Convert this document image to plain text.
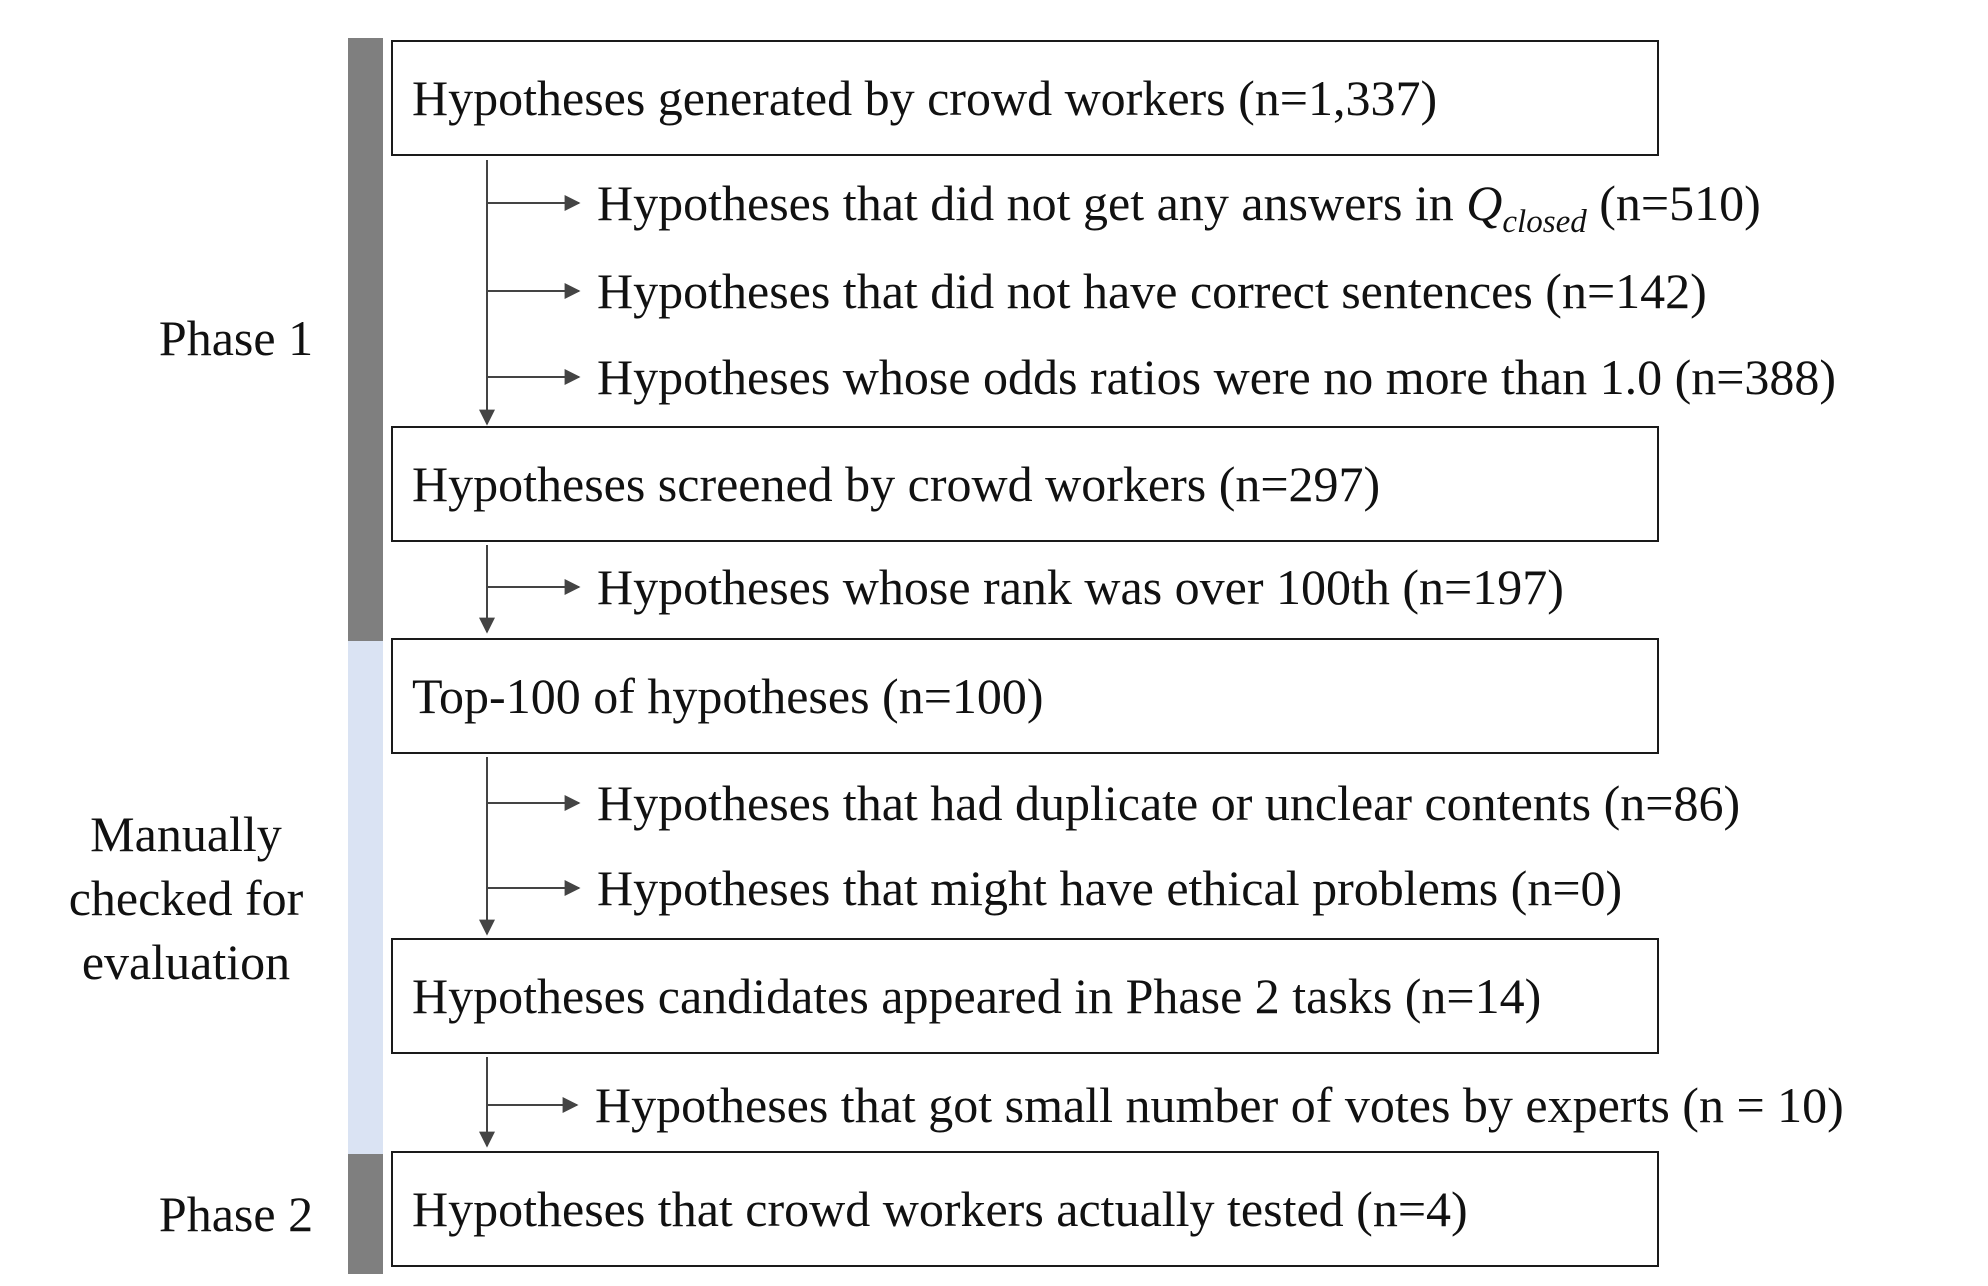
Phase 1
Manually
checked for
evaluation
Phase 2
Hypotheses generated by crowd workers (n=1,337)
Hypotheses screened by crowd workers (n=297)
Top-100 of hypotheses (n=100)
Hypotheses candidates appeared in Phase 2 tasks (n=14)
Hypotheses that crowd workers actually tested (n=4)
Hypotheses that did not get any answers in $Q_{closed}$ (n=510)
Hypotheses that did not have correct sentences (n=142)
Hypotheses whose odds ratios were no more than 1.0 (n=388)
Hypotheses whose rank was over 100th (n=197)
Hypotheses that had duplicate or unclear contents (n=86)
Hypotheses that might have ethical problems (n=0)
Hypotheses that got small number of votes by experts (n = 10)
